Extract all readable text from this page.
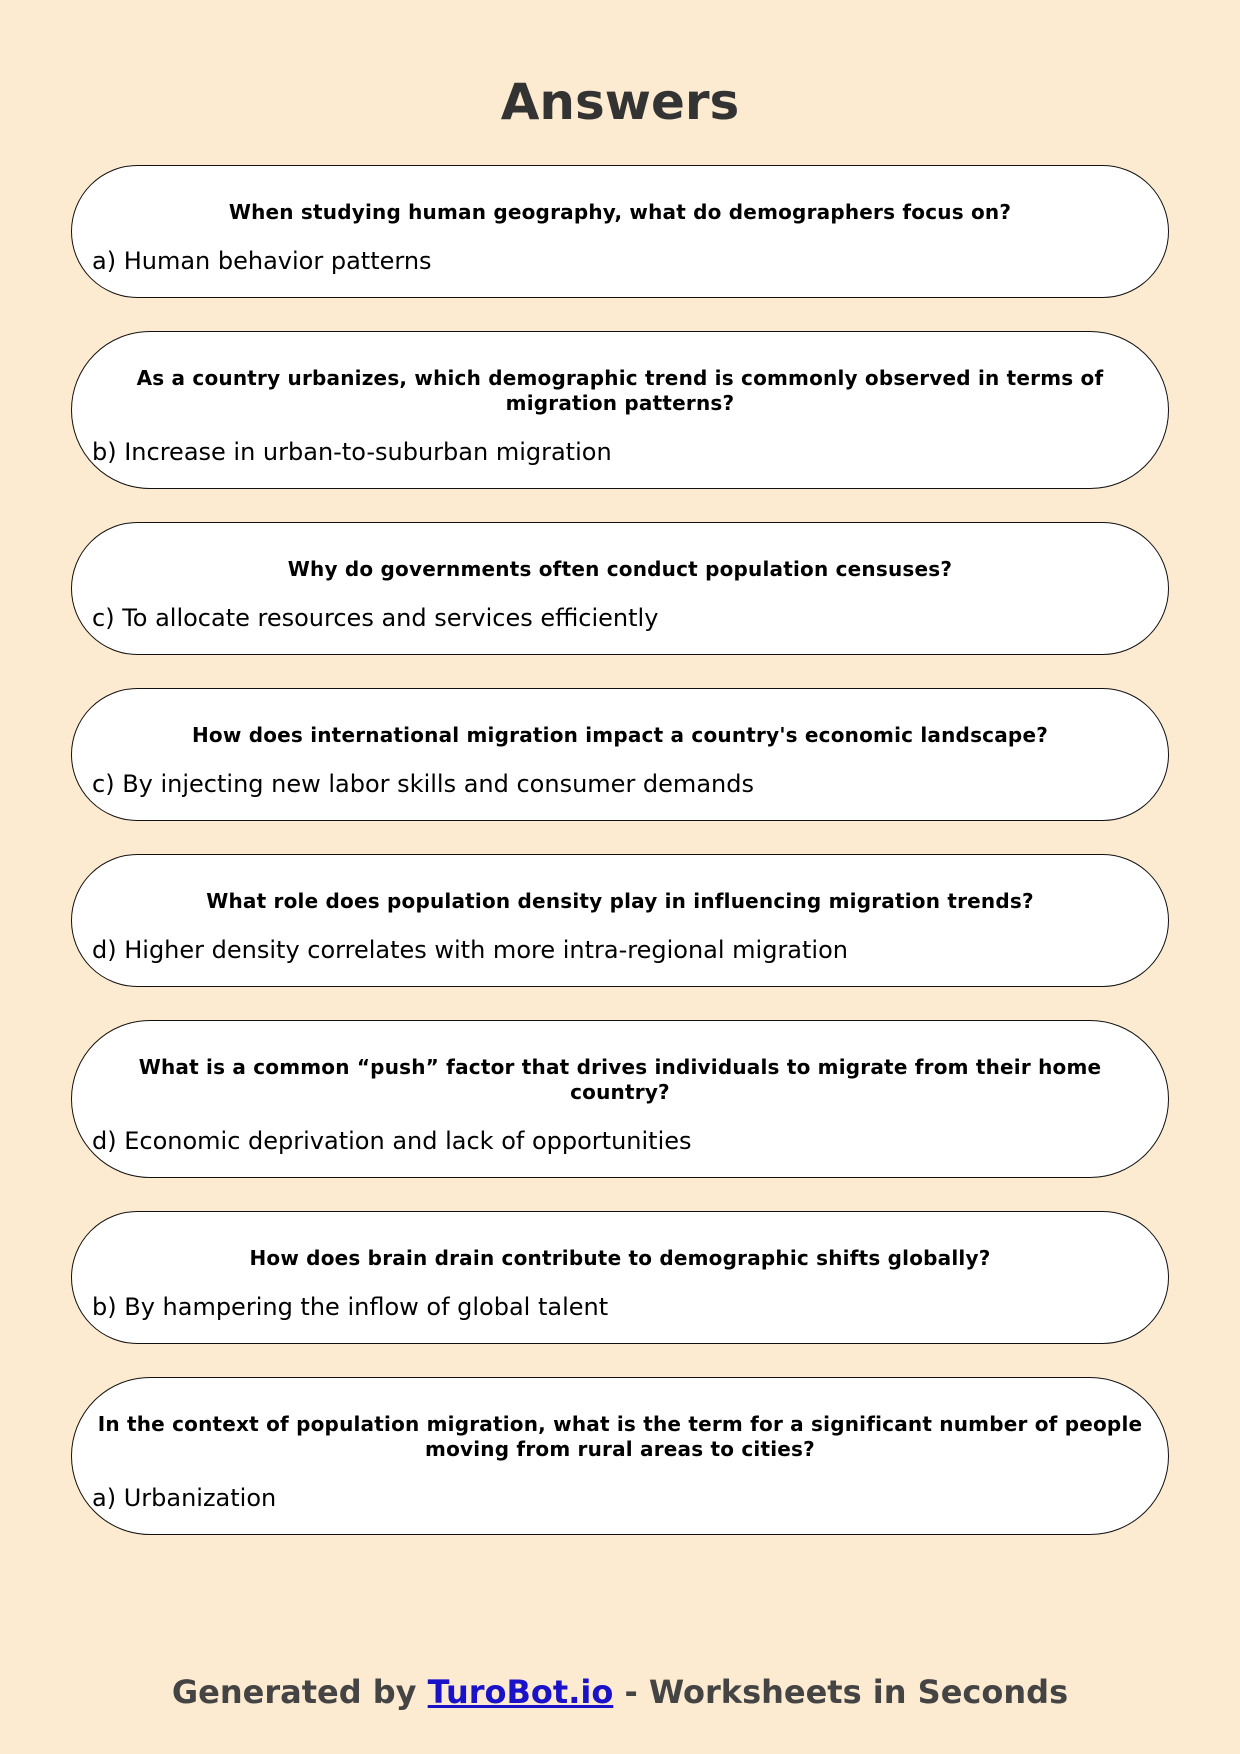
Answers
When studying human geography, what do demographers focus on?
a) Human behavior patterns
As a country urbanizes, which demographic trend is commonly observed in terms of migration patterns?
b) Increase in urban-to-suburban migration
Why do governments often conduct population censuses?
c) To allocate resources and services efficiently
How does international migration impact a country's economic landscape?
c) By injecting new labor skills and consumer demands
What role does population density play in influencing migration trends?
d) Higher density correlates with more intra-regional migration
What is a common “push” factor that drives individuals to migrate from their home country?
d) Economic deprivation and lack of opportunities
How does brain drain contribute to demographic shifts globally?
b) By hampering the inflow of global talent
In the context of population migration, what is the term for a significant number of people moving from rural areas to cities?
a) Urbanization
Generated by TuroBot.io - Worksheets in Seconds
